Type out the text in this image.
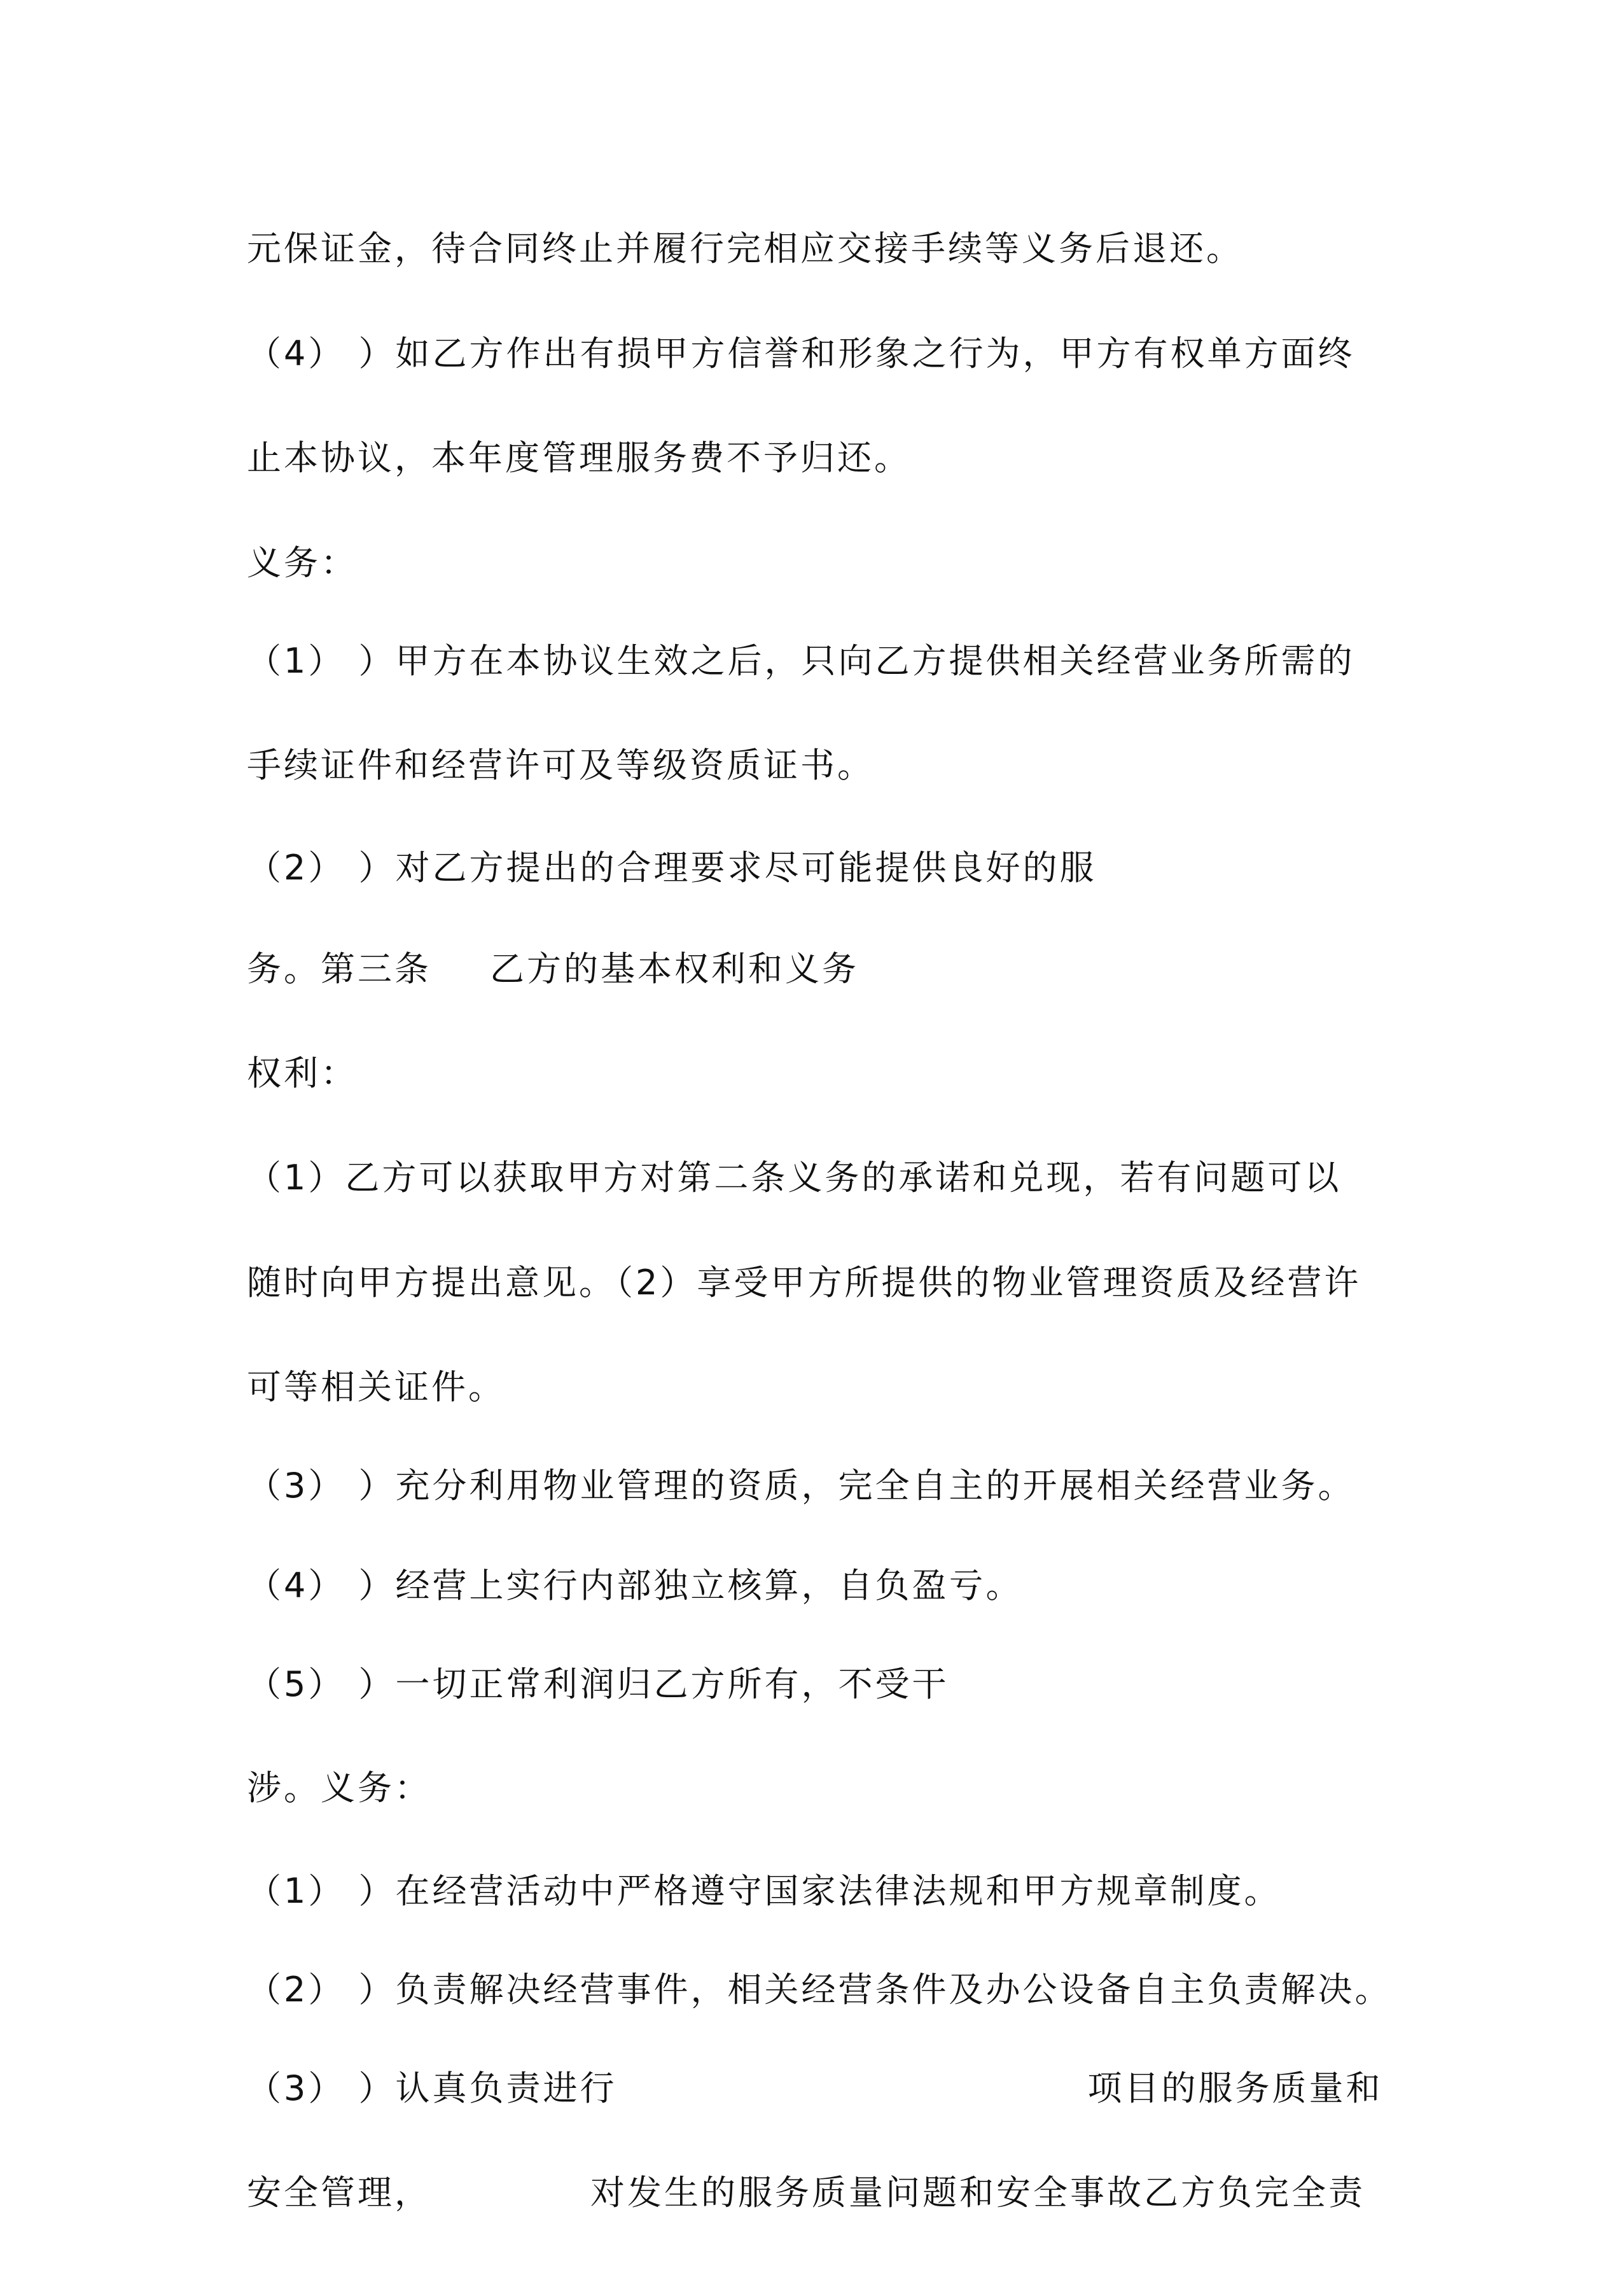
元保证金，待合同终止并履行完相应交接手续等义务后退还。
（4） ）如乙方作出有损甲方信誉和形象之行为，甲方有权单方面终
止本协议，本年度管理服务费不予归还。
义务：
（1） ）甲方在本协议生效之后，只向乙方提供相关经营业务所需的
手续证件和经营许可及等级资质证书。
（2） ）对乙方提出的合理要求尽可能提供良好的服
务。第三条 乙方的基本权利和义务
权利：
（1）乙方可以获取甲方对第二条义务的承诺和兑现，若有问题可以
随时向甲方提出意见。（2）享受甲方所提供的物业管理资质及经营许
可等相关证件。
（3） ）充分利用物业管理的资质，完全自主的开展相关经营业务。
（4） ）经营上实行内部独立核算，自负盈亏。
（5） ）一切正常利润归乙方所有，不受干
涉。义务：
（1） ）在经营活动中严格遵守国家法律法规和甲方规章制度。
（2） ）负责解决经营事件，相关经营条件及办公设备自主负责解决。
（3） ）认真负责进行	项目的服务质量和
安全管理，	对发生的服务质量问题和安全事故乙方负完全责
